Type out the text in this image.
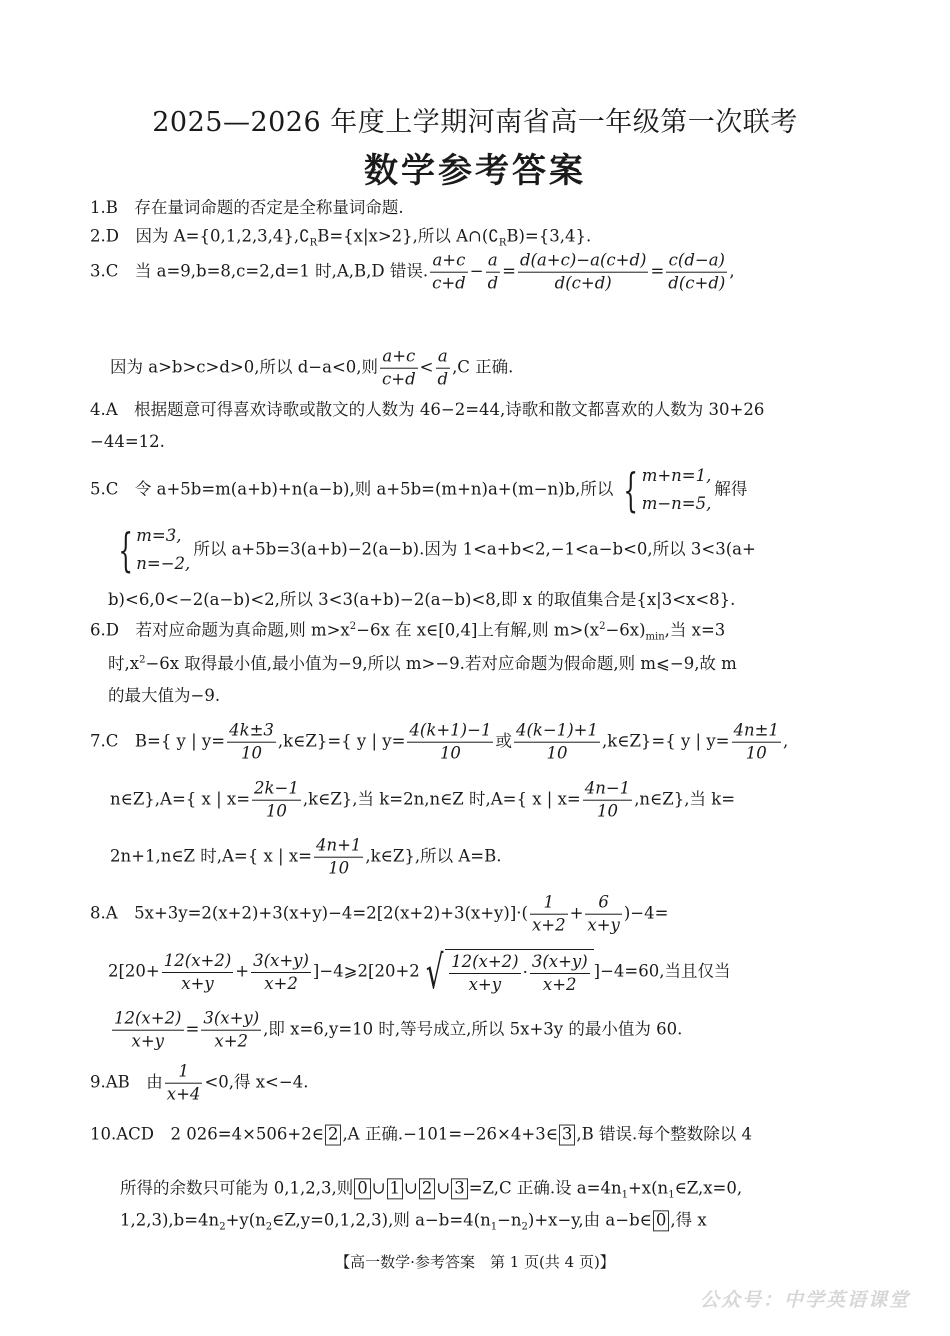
2025—2026 年度上学期河南省高一年级第一次联考
数学参考答案
1.B　存在量词命题的否定是全称量词命题.
2.D　因为 $A=\{0,1,2,3,4\},∁_RB=\{x|x>2\}$,所以 $A\cap(∁_RB)=\{3,4\}$.
3.C　当 a=9,b=8,c=2,d=1 时,A,B,D 错误. $\frac{a+c}{c+d} - \frac{a}{d} = \frac{d(a+c)-a(c+d)}{d(c+d)} = \frac{c(d-a)}{d(c+d)}$ ,
因为 a>b>c>d>0,所以 d−a<0,则 $\frac{a+c}{c+d} < \frac{a}{d} ,C$ 正确.
4.A　根据题意可得喜欢诗歌或散文的人数为 46−2=44,诗歌和散文都喜欢的人数为 30+26
−44=12.
5.C　令 a+5b=m(a+b)+n(a−b),则 a+5b=(m+n)a+(m−n)b,所以 { m+n=1,
m−n=5,
解得
{ m=3,
n=−2,
所以 a+5b=3(a+b)−2(a−b).因为 1<a+b<2,−1<a−b<0,所以 3<3(a+
b)<6,0<−2(a−b)<2,所以 3<3(a+b)−2(a−b)<8,即 x 的取值集合是{x|3<x<8}.
6.D　若对应命题为真命题,则 $m>x^2-6x$ 在 x∈[0,4]上有解,则 $m>(x^2-6x)_{min}$,当 x=3
时$,x^2-6x$ 取得最小值,最小值为−9,所以 m>−9.若对应命题为假命题,则 m⩽−9,故 m
的最大值为−9.
7.C　B={ y | $y= \frac{4k\pm 3}{10}$ ,k∈Z}={ y | $y= \frac{4(k+1)-1}{10}$ 或 $\frac{4(k-1)+1}{10}$ ,k∈Z}={ y | $y= \frac{4n\pm 1}{10}$ ,
n∈Z},A={ x | $x= \frac{2k-1}{10}$ ,k∈Z},当 k=2n,n∈Z 时,A={ x | $x= \frac{4n-1}{10}$ ,n∈Z},当 k=
2n+1,n∈Z 时,A={ x | $x= \frac{4n+1}{10}$ ,k∈Z},所以 A=B.
8.A　$5x+3y=2(x+2)+3(x+y)-4=2[2(x+2)+3(x+y)]\cdot( \frac{1}{x+2} + \frac{6}{x+y} )-4=$
$2[20+ \frac{12(x+2)}{x+y} + \frac{3(x+y)}{x+2}$ ]−4⩾2[20+2 √ $\frac{12(x+2)}{x+y} \cdot \frac{3(x+y)}{x+2} ]-4=60$,当且仅当
$\frac{12(x+2)}{x+y} = \frac{3(x+y)}{x+2}$ ,即 x=6,y=10 时,等号成立,所以 5x+3y 的最小值为 60.
9.AB　由 $\frac{1}{x+4} <0$,得 x<−4.
10.ACD　2 026=4×506+2∈ 2 ,A 正确.−101=−26×4+3∈ 3 ,B 错误.每个整数除以 4
所得的余数只可能为 0,1,2,3,则 0 ∪ 1 ∪ 2 ∪ 3 =Z,C 正确.设 $a=4n_1+x(n_1\in Z,x=0$,
$1,2,3),b=4n_2+y(n_2\in Z,y=0,1,2,3)$,则 $a-b=4(n_1-n_2)+x-y$,由 a−b∈ 0 ,得 x
【高一数学·参考答案　第 1 页(共 4 页)】
公众号：中学英语课堂
